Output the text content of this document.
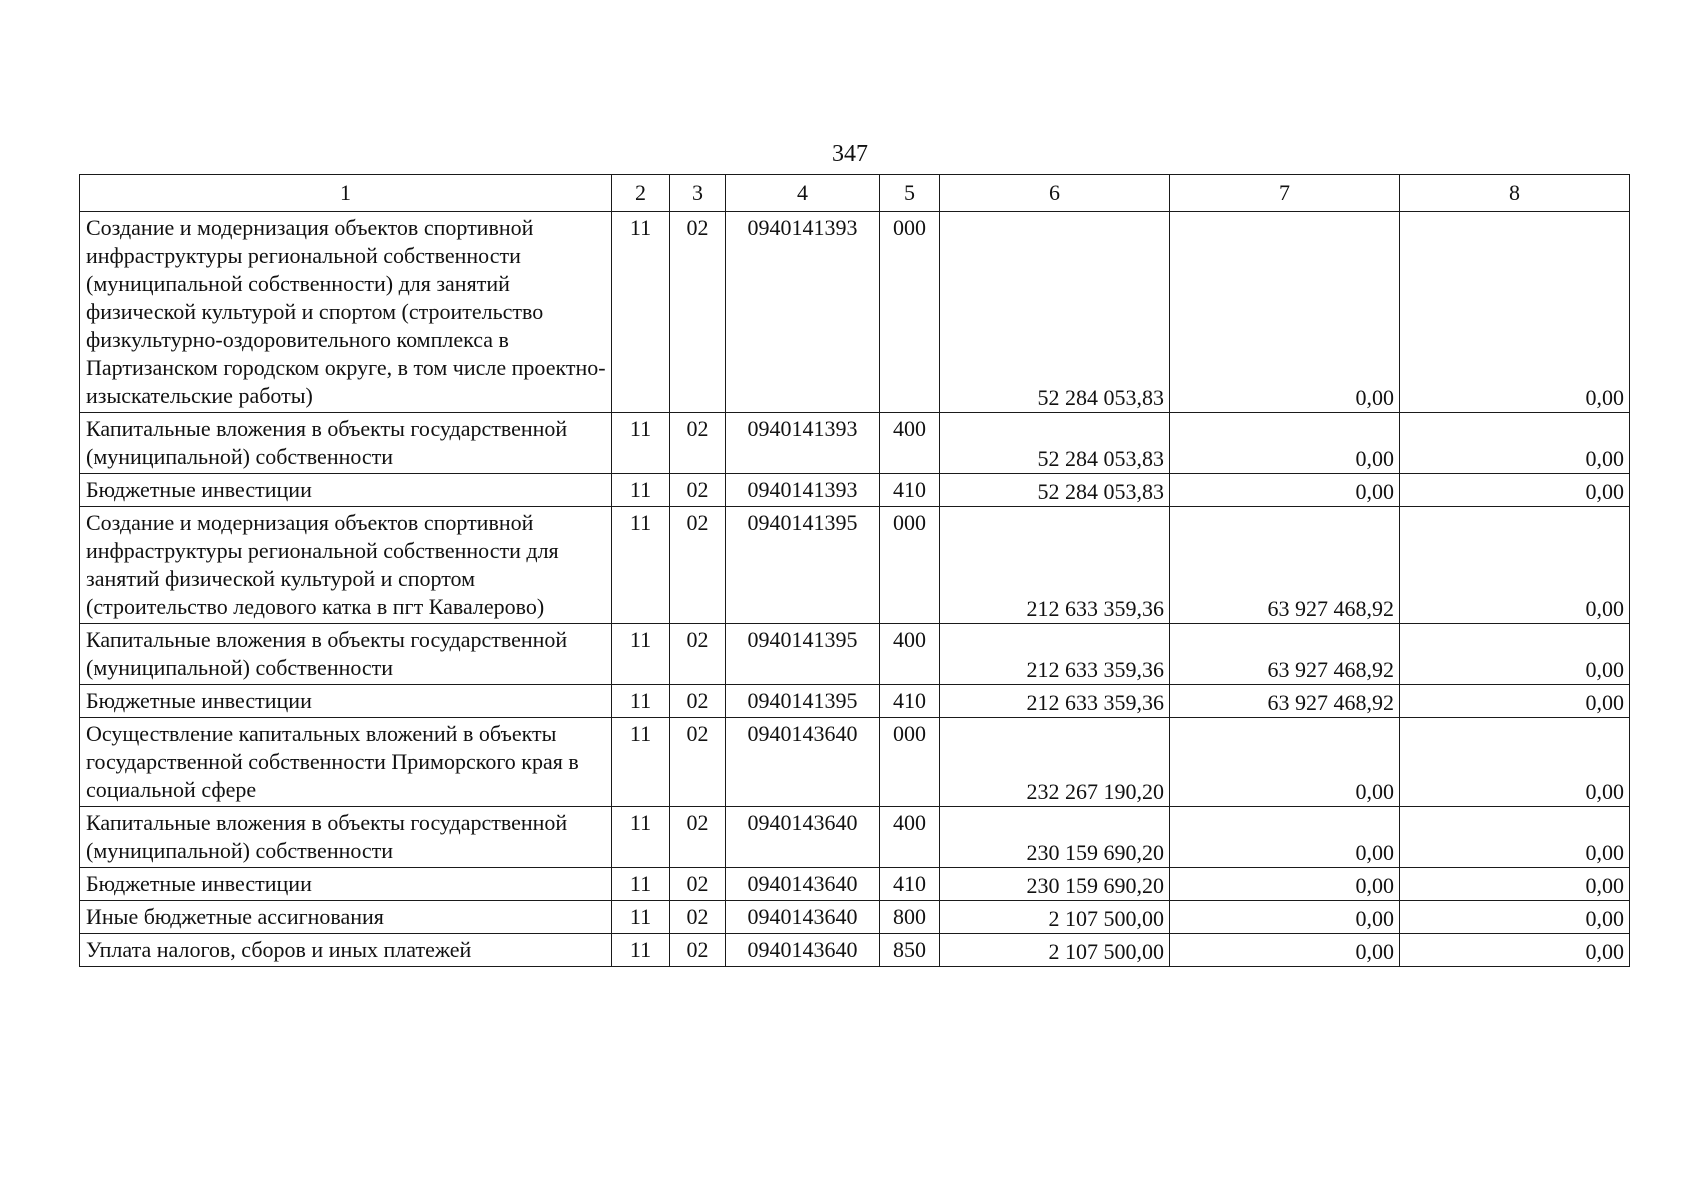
347
1	2	3	4	5	6	7	8
Создание и модернизация объектов спортивной инфраструктуры региональной собственности (муниципальной собственности) для занятий физической культурой и спортом (строительство физкультурно-оздоровительного комплекса в Партизанском городском округе, в том числе проектно-изыскательские работы)	11	02	0940141393	000	52 284 053,83	0,00	0,00
Капитальные вложения в объекты государственной (муниципальной) собственности	11	02	0940141393	400	52 284 053,83	0,00	0,00
Бюджетные инвестиции	11	02	0940141393	410	52 284 053,83	0,00	0,00
Создание и модернизация объектов спортивной инфраструктуры региональной собственности для занятий физической культурой и спортом (строительство ледового катка в пгт Кавалерово)	11	02	0940141395	000	212 633 359,36	63 927 468,92	0,00
Капитальные вложения в объекты государственной (муниципальной) собственности	11	02	0940141395	400	212 633 359,36	63 927 468,92	0,00
Бюджетные инвестиции	11	02	0940141395	410	212 633 359,36	63 927 468,92	0,00
Осуществление капитальных вложений в объекты государственной собственности Приморского края в социальной сфере	11	02	0940143640	000	232 267 190,20	0,00	0,00
Капитальные вложения в объекты государственной (муниципальной) собственности	11	02	0940143640	400	230 159 690,20	0,00	0,00
Бюджетные инвестиции	11	02	0940143640	410	230 159 690,20	0,00	0,00
Иные бюджетные ассигнования	11	02	0940143640	800	2 107 500,00	0,00	0,00
Уплата налогов, сборов и иных платежей	11	02	0940143640	850	2 107 500,00	0,00	0,00
